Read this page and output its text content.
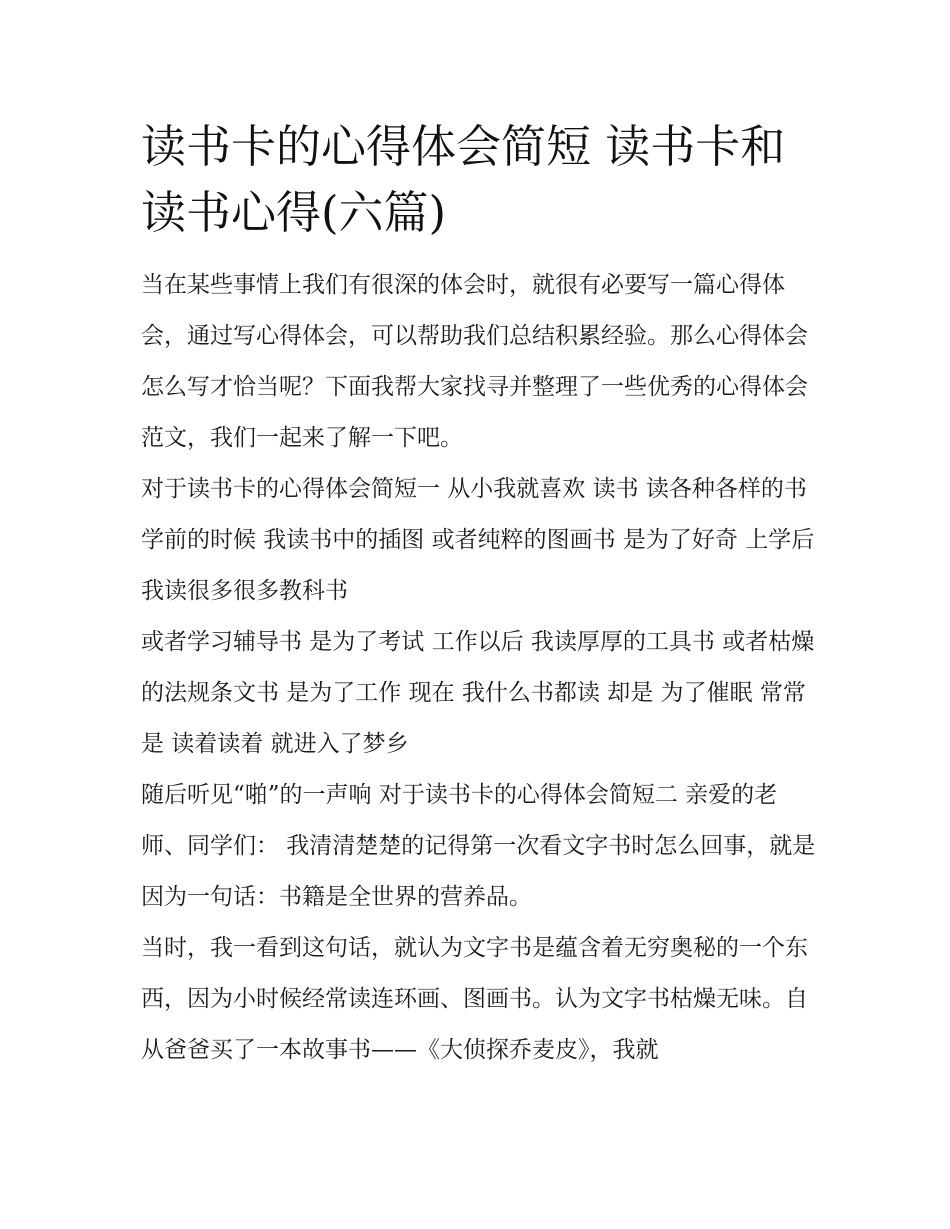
读书卡的心得体会简短 读书卡和读书心得(六篇)

当在某些事情上我们有很深的体会时，就很有必要写一篇心得体会，通过写心得体会，可以帮助我们总结积累经验。那么心得体会怎么写才恰当呢？下面我帮大家找寻并整理了一些优秀的心得体会范文，我们一起来了解一下吧。

对于读书卡的心得体会简短一 从小我就喜欢 读书 读各种各样的书 学前的时候 我读书中的插图 或者纯粹的图画书 是为了好奇 上学后 我读很多很多教科书

或者学习辅导书 是为了考试 工作以后 我读厚厚的工具书 或者枯燥的法规条文书 是为了工作 现在 我什么书都读 却是 为了催眠 常常是 读着读着 就进入了梦乡

随后听见“啪”的一声响 对于读书卡的心得体会简短二 亲爱的老师、同学们： 我清清楚楚的记得第一次看文字书时怎么回事，就是因为一句话：书籍是全世界的营养品。

当时，我一看到这句话，就认为文字书是蕴含着无穷奥秘的一个东西，因为小时候经常读连环画、图画书。认为文字书枯燥无味。自从爸爸买了一本故事书——《大侦探乔麦皮》，我就
